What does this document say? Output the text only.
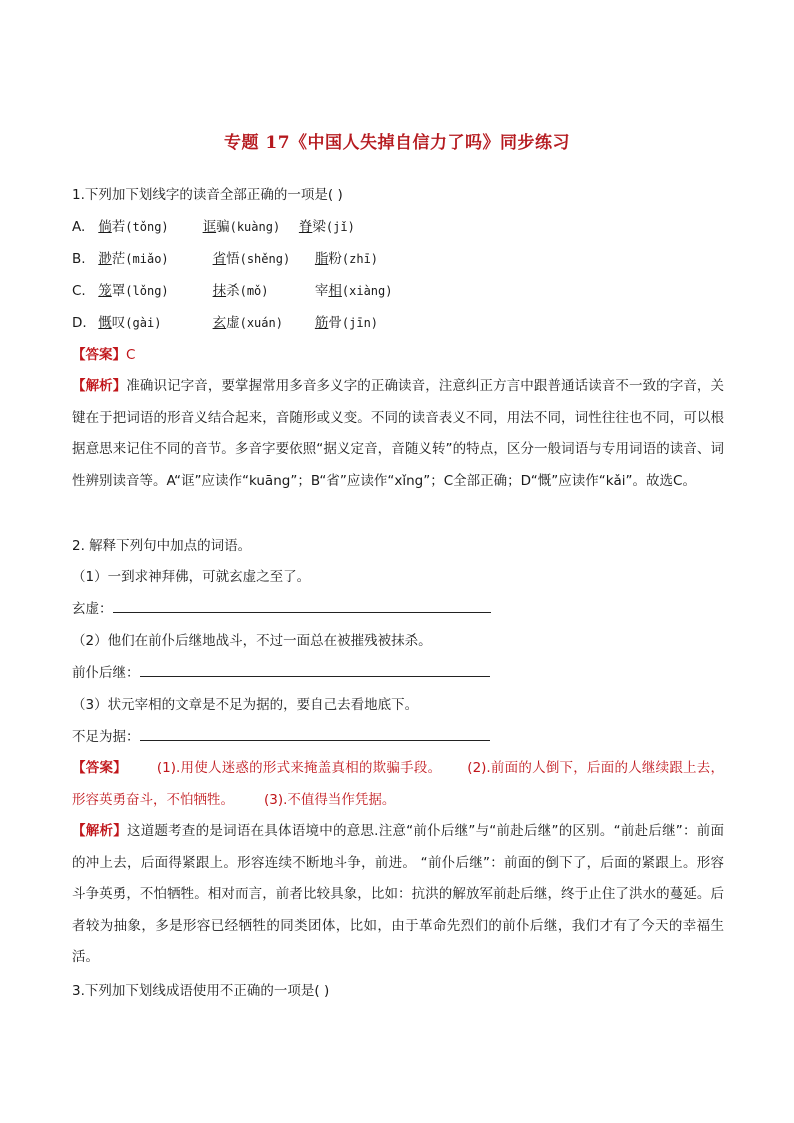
专题 17《中国人失掉自信力了吗》同步练习
1.下列加下划线字的读音全部正确的一项是( )
A. 倘若(tǒng)	诓骗(kuàng) 脊梁(jǐ)
B. 渺茫(miǎo)	省悟(shěng) 脂粉(zhī)
C. 笼罩(lǒng)	抹杀(mǒ)	宰相(xiàng)
D. 慨叹(gài)	玄虚(xuán) 筋骨(jīn)
【答案】C
【解析】准确识记字音，要掌握常用多音多义字的正确读音，注意纠正方言中跟普通话读音不一致的字音，关键在于把词语的形音义结合起来，音随形或义变。不同的读音表义不同，用法不同，词性往往也不同，可以根据意思来记住不同的音节。多音字要依照“据义定音，音随义转”的特点，区分一般词语与专用词语的读音、词性辨别读音等。A“诓”应读作“kuāng”；B“省”应读作“xǐng”；C全部正确；D“慨”应读作“kǎi”。故选C。
2. 解释下列句中加点的词语。
（1）一到求神拜佛，可就玄虚之至了。
玄虚：
（2）他们在前仆后继地战斗，不过一面总在被摧残被抹杀。
前仆后继：
（3）状元宰相的文章是不足为据的，要自己去看地底下。
不足为据：
【答案】 (1).用使人迷惑的形式来掩盖真相的欺骗手段。 (2).前面的人倒下，后面的人继续跟上去，形容英勇奋斗，不怕牺牲。 (3).不值得当作凭据。
【解析】这道题考查的是词语在具体语境中的意思.注意“前仆后继”与“前赴后继”的区别。“前赴后继”：前面的冲上去，后面得紧跟上。形容连续不断地斗争，前进。 “前仆后继”：前面的倒下了，后面的紧跟上。形容斗争英勇，不怕牺牲。相对而言，前者比较具象，比如：抗洪的解放军前赴后继，终于止住了洪水的蔓延。后者较为抽象，多是形容已经牺牲的同类团体，比如，由于革命先烈们的前仆后继，我们才有了今天的幸福生活。
3.下列加下划线成语使用不正确的一项是( )
